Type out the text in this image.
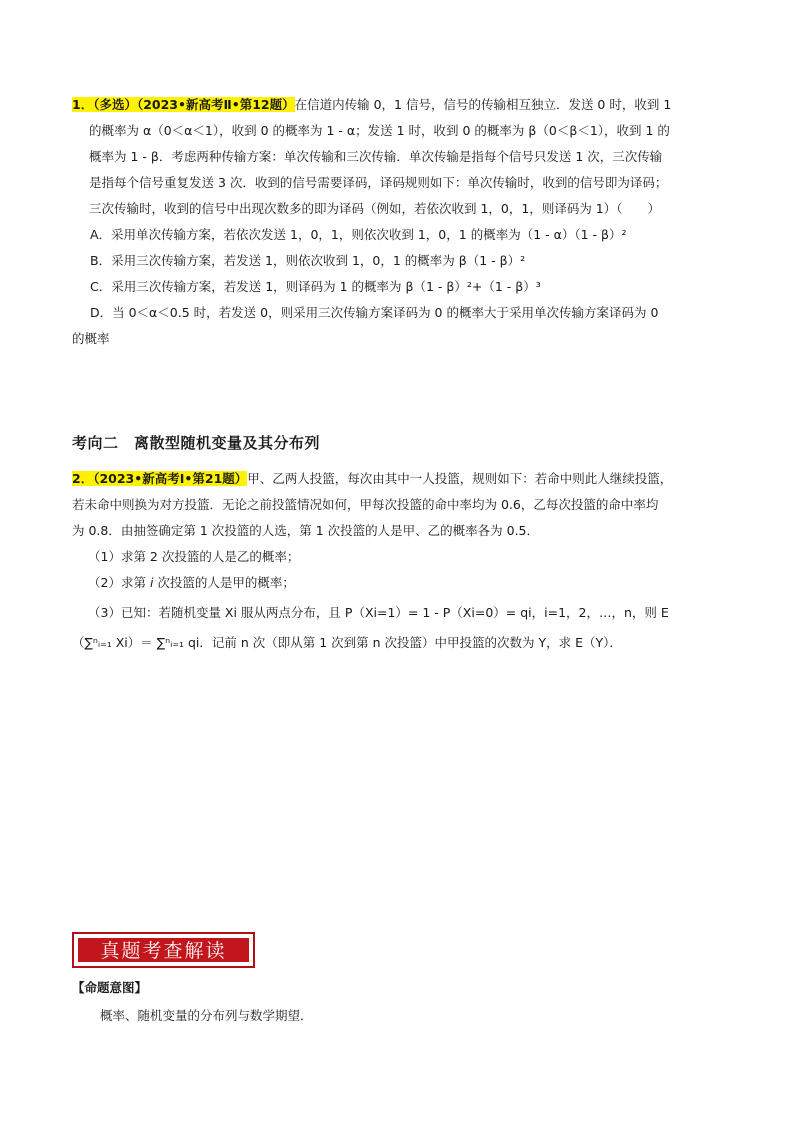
1．（多选）（2023•新高考Ⅱ•第12题）在信道内传输 0，1 信号，信号的传输相互独立．发送 0 时，收到 1
的概率为 α（0＜α＜1），收到 0 的概率为 1 - α；发送 1 时，收到 0 的概率为 β（0＜β＜1），收到 1 的
概率为 1 - β．考虑两种传输方案：单次传输和三次传输．单次传输是指每个信号只发送 1 次，三次传输
是指每个信号重复发送 3 次．收到的信号需要译码，译码规则如下：单次传输时，收到的信号即为译码；
三次传输时，收到的信号中出现次数多的即为译码（例如，若依次收到 1，0，1，则译码为 1）（　　）
A．采用单次传输方案，若依次发送 1，0，1，则依次收到 1，0，1 的概率为（1 - α）（1 - β）²
B．采用三次传输方案，若发送 1，则依次收到 1，0，1 的概率为 β（1 - β）²
C．采用三次传输方案，若发送 1，则译码为 1 的概率为 β（1 - β）²+（1 - β）³
D．当 0＜α＜0.5 时，若发送 0，则采用三次传输方案译码为 0 的概率大于采用单次传输方案译码为 0
的概率
考向二　离散型随机变量及其分布列
2．（2023•新高考Ⅰ•第21题）甲、乙两人投篮，每次由其中一人投篮，规则如下：若命中则此人继续投篮，
若未命中则换为对方投篮．无论之前投篮情况如何，甲每次投篮的命中率均为 0.6，乙每次投篮的命中率均
为 0.8．由抽签确定第 1 次投篮的人选，第 1 次投篮的人是甲、乙的概率各为 0.5．
（1）求第 2 次投篮的人是乙的概率；
（2）求第 i 次投篮的人是甲的概率；
（3）已知：若随机变量 Xi 服从两点分布，且 P（Xi=1）= 1 - P（Xi=0）= qi，i=1，2，…，n，则 E
（∑ⁿᵢ₌₁ Xi）＝ ∑ⁿᵢ₌₁ qi．记前 n 次（即从第 1 次到第 n 次投篮）中甲投篮的次数为 Y，求 E（Y）．
真题考查解读
【命题意图】
概率、随机变量的分布列与数学期望．
